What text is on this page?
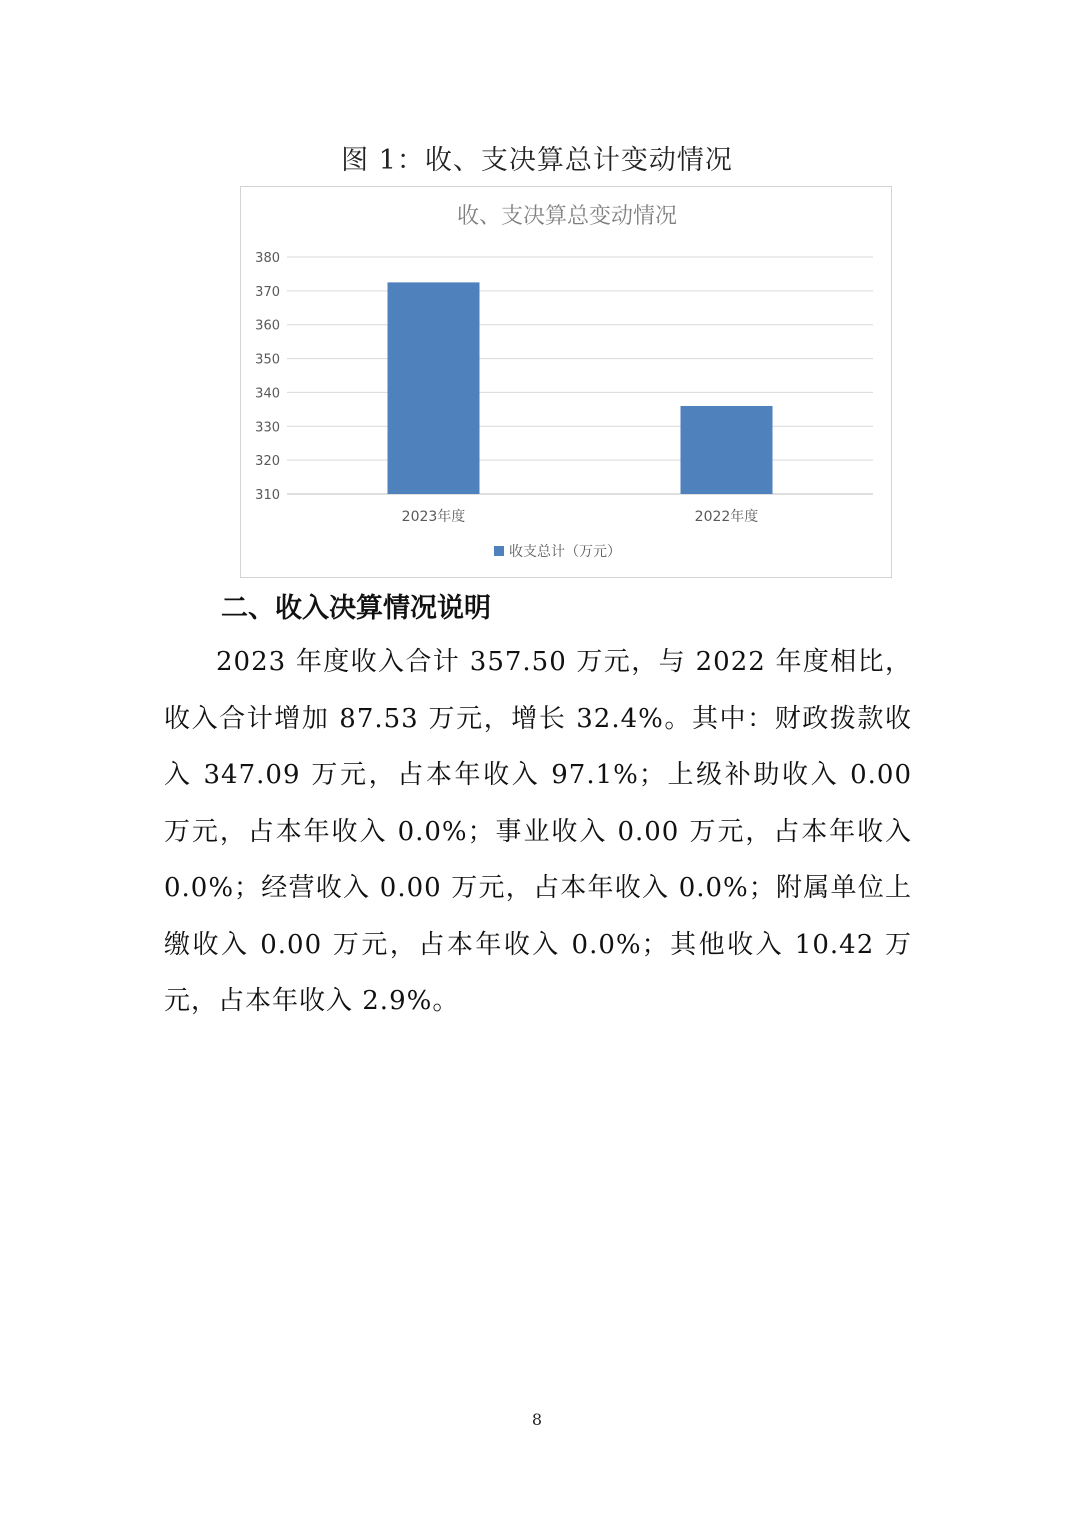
图 1：收、支决算总计变动情况
收、支决算总变动情况
380
370
360
350
340
330
320
310
2023年度	2022年度
收支总计（万元）
二、收入决算情况说明

2023 年度收入合计 357.50 万元，与 2022 年度相比，收入合计增加 87.53 万元，增长 32.4%。其中：财政拨款收入 347.09 万元，占本年收入 97.1%；上级补助收入 0.00 万元，占本年收入 0.0%；事业收入 0.00 万元，占本年收入 0.0%；经营收入 0.00 万元，占本年收入 0.0%；附属单位上缴收入 0.00 万元，占本年收入 0.0%；其他收入 10.42 万元，占本年收入 2.9%。

8
